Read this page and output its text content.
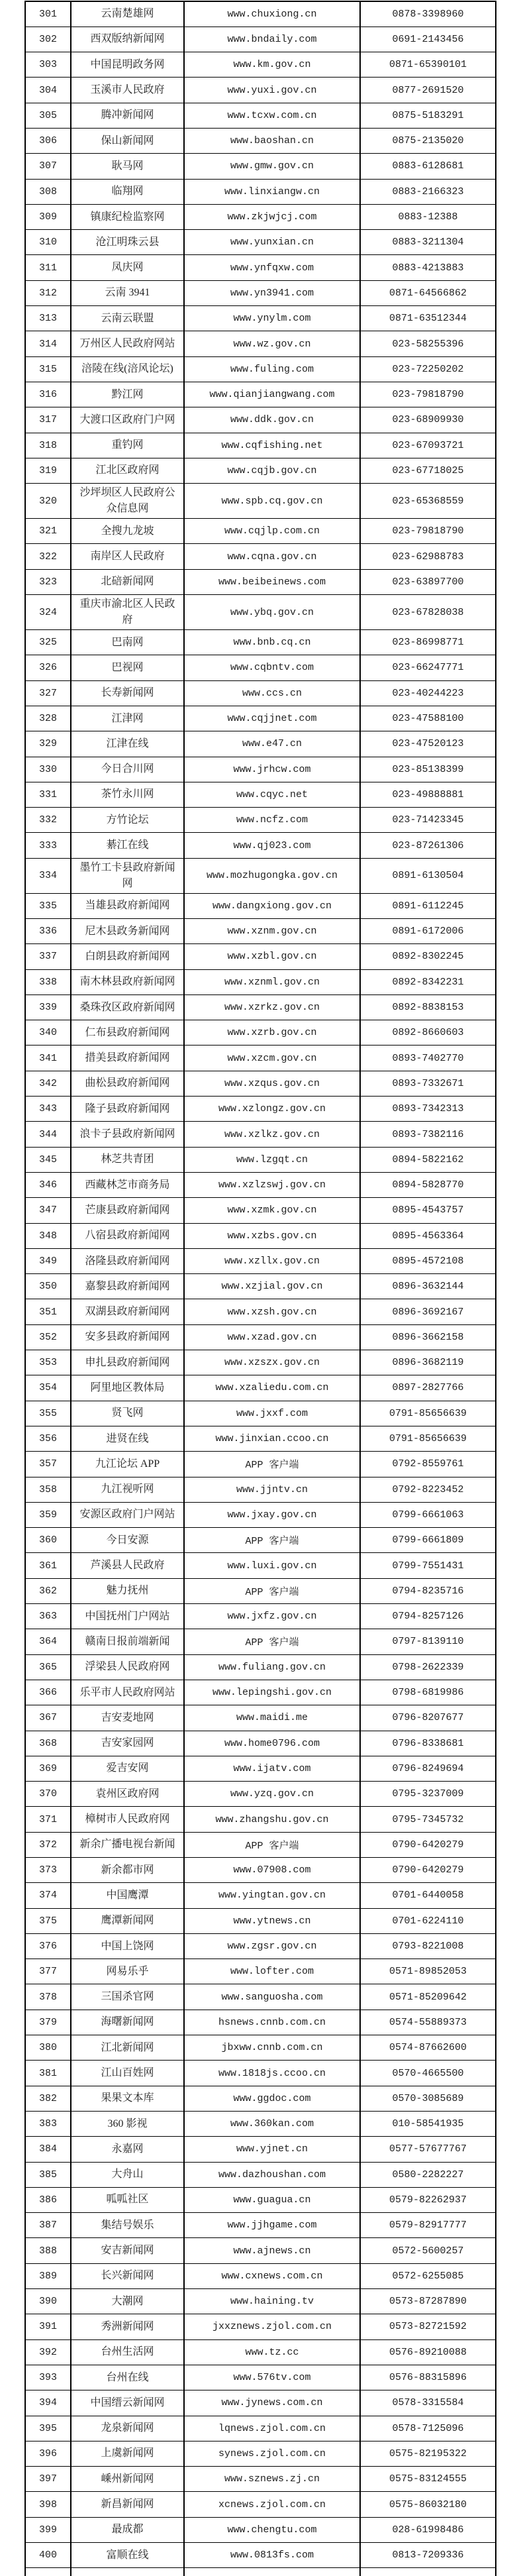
301	云南楚雄网	www.chuxiong.cn	0878-3398960
302	西双版纳新闻网	www.bndaily.com	0691-2143456
303	中国昆明政务网	www.km.gov.cn	0871-65390101
304	玉溪市人民政府	www.yuxi.gov.cn	0877-2691520
305	腾冲新闻网	www.tcxw.com.cn	0875-5183291
306	保山新闻网	www.baoshan.cn	0875-2135020
307	耿马网	www.gmw.gov.cn	0883-6128681
308	临翔网	www.linxiangw.cn	0883-2166323
309	镇康纪检监察网	www.zkjwjcj.com	0883-12388
310	沧江明珠云县	www.yunxian.cn	0883-3211304
311	凤庆网	www.ynfqxw.com	0883-4213883
312	云南 3941	www.yn3941.com	0871-64566862
313	云南云联盟	www.ynylm.com	0871-63512344
314	万州区人民政府网站	www.wz.gov.cn	023-58255396
315	涪陵在线(涪风论坛)	www.fuling.com	023-72250202
316	黔江网	www.qianjiangwang.com	023-79818790
317	大渡口区政府门户网	www.ddk.gov.cn	023-68909930
318	重钓网	www.cqfishing.net	023-67093721
319	江北区政府网	www.cqjb.gov.cn	023-67718025
320	沙坪坝区人民政府公众信息网	www.spb.cq.gov.cn	023-65368559
321	全搜九龙坡	www.cqjlp.com.cn	023-79818790
322	南岸区人民政府	www.cqna.gov.cn	023-62988783
323	北碚新闻网	www.beibeinews.com	023-63897700
324	重庆市渝北区人民政府	www.ybq.gov.cn	023-67828038
325	巴南网	www.bnb.cq.cn	023-86998771
326	巴视网	www.cqbntv.com	023-66247771
327	长寿新闻网	www.ccs.cn	023-40244223
328	江津网	www.cqjjnet.com	023-47588100
329	江津在线	www.e47.cn	023-47520123
330	今日合川网	www.jrhcw.com	023-85138399
331	茶竹永川网	www.cqyc.net	023-49888881
332	方竹论坛	www.ncfz.com	023-71423345
333	綦江在线	www.qj023.com	023-87261306
334	墨竹工卡县政府新闻网	www.mozhugongka.gov.cn	0891-6130504
335	当雄县政府新闻网	www.dangxiong.gov.cn	0891-6112245
336	尼木县政务新闻网	www.xznm.gov.cn	0891-6172006
337	白朗县政府新闻网	www.xzbl.gov.cn	0892-8302245
338	南木林县政府新闻网	www.xznml.gov.cn	0892-8342231
339	桑珠孜区政府新闻网	www.xzrkz.gov.cn	0892-8838153
340	仁布县政府新闻网	www.xzrb.gov.cn	0892-8660603
341	措美县政府新闻网	www.xzcm.gov.cn	0893-7402770
342	曲松县政府新闻网	www.xzqus.gov.cn	0893-7332671
343	隆子县政府新闻网	www.xzlongz.gov.cn	0893-7342313
344	浪卡子县政府新闻网	www.xzlkz.gov.cn	0893-7382116
345	林芝共青团	www.lzgqt.cn	0894-5822162
346	西藏林芝市商务局	www.xzlzswj.gov.cn	0894-5828770
347	芒康县政府新闻网	www.xzmk.gov.cn	0895-4543757
348	八宿县政府新闻网	www.xzbs.gov.cn	0895-4563364
349	洛隆县政府新闻网	www.xzllx.gov.cn	0895-4572108
350	嘉黎县政府新闻网	www.xzjial.gov.cn	0896-3632144
351	双湖县政府新闻网	www.xzsh.gov.cn	0896-3692167
352	安多县政府新闻网	www.xzad.gov.cn	0896-3662158
353	申扎县政府新闻网	www.xzszx.gov.cn	0896-3682119
354	阿里地区教体局	www.xzaliedu.com.cn	0897-2827766
355	贤飞网	www.jxxf.com	0791-85656639
356	进贤在线	www.jinxian.ccoo.cn	0791-85656639
357	九江论坛 APP	APP 客户端	0792-8559761
358	九江视听网	www.jjntv.cn	0792-8223452
359	安源区政府门户网站	www.jxay.gov.cn	0799-6661063
360	今日安源	APP 客户端	0799-6661809
361	芦溪县人民政府	www.luxi.gov.cn	0799-7551431
362	魅力抚州	APP 客户端	0794-8235716
363	中国抚州门户网站	www.jxfz.gov.cn	0794-8257126
364	赣南日报前端新闻	APP 客户端	0797-8139110
365	浮梁县人民政府网	www.fuliang.gov.cn	0798-2622339
366	乐平市人民政府网站	www.lepingshi.gov.cn	0798-6819986
367	吉安麦地网	www.maidi.me	0796-8207677
368	吉安家园网	www.home0796.com	0796-8338681
369	爱吉安网	www.ijatv.com	0796-8249694
370	袁州区政府网	www.yzq.gov.cn	0795-3237009
371	樟树市人民政府网	www.zhangshu.gov.cn	0795-7345732
372	新余广播电视台新闻	APP 客户端	0790-6420279
373	新余都市网	www.07908.com	0790-6420279
374	中国鹰潭	www.yingtan.gov.cn	0701-6440058
375	鹰潭新闻网	www.ytnews.cn	0701-6224110
376	中国上饶网	www.zgsr.gov.cn	0793-8221008
377	网易乐乎	www.lofter.com	0571-89852053
378	三国杀官网	www.sanguosha.com	0571-85209642
379	海曙新闻网	hsnews.cnnb.com.cn	0574-55889373
380	江北新闻网	jbxww.cnnb.com.cn	0574-87662600
381	江山百姓网	www.1818js.ccoo.cn	0570-4665500
382	果果文本库	www.ggdoc.com	0570-3085689
383	360 影视	www.360kan.com	010-58541935
384	永嘉网	www.yjnet.cn	0577-57677767
385	大舟山	www.dazhoushan.com	0580-2282227
386	呱呱社区	www.guagua.cn	0579-82262937
387	集结号娱乐	www.jjhgame.com	0579-82917777
388	安吉新闻网	www.ajnews.cn	0572-5600257
389	长兴新闻网	www.cxnews.com.cn	0572-6255085
390	大潮网	www.haining.tv	0573-87287890
391	秀洲新闻网	jxxznews.zjol.com.cn	0573-82721592
392	台州生活网	www.tz.cc	0576-89210088
393	台州在线	www.576tv.com	0576-88315896
394	中国缙云新闻网	www.jynews.com.cn	0578-3315584
395	龙泉新闻网	lqnews.zjol.com.cn	0578-7125096
396	上虞新闻网	synews.zjol.com.cn	0575-82195322
397	嵊州新闻网	www.sznews.zj.cn	0575-83124555
398	新昌新闻网	xcnews.zjol.com.cn	0575-86032180
399	最成都	www.chengtu.com	028-61998486
400	富顺在线	www.0813fs.com	0813-7209336
